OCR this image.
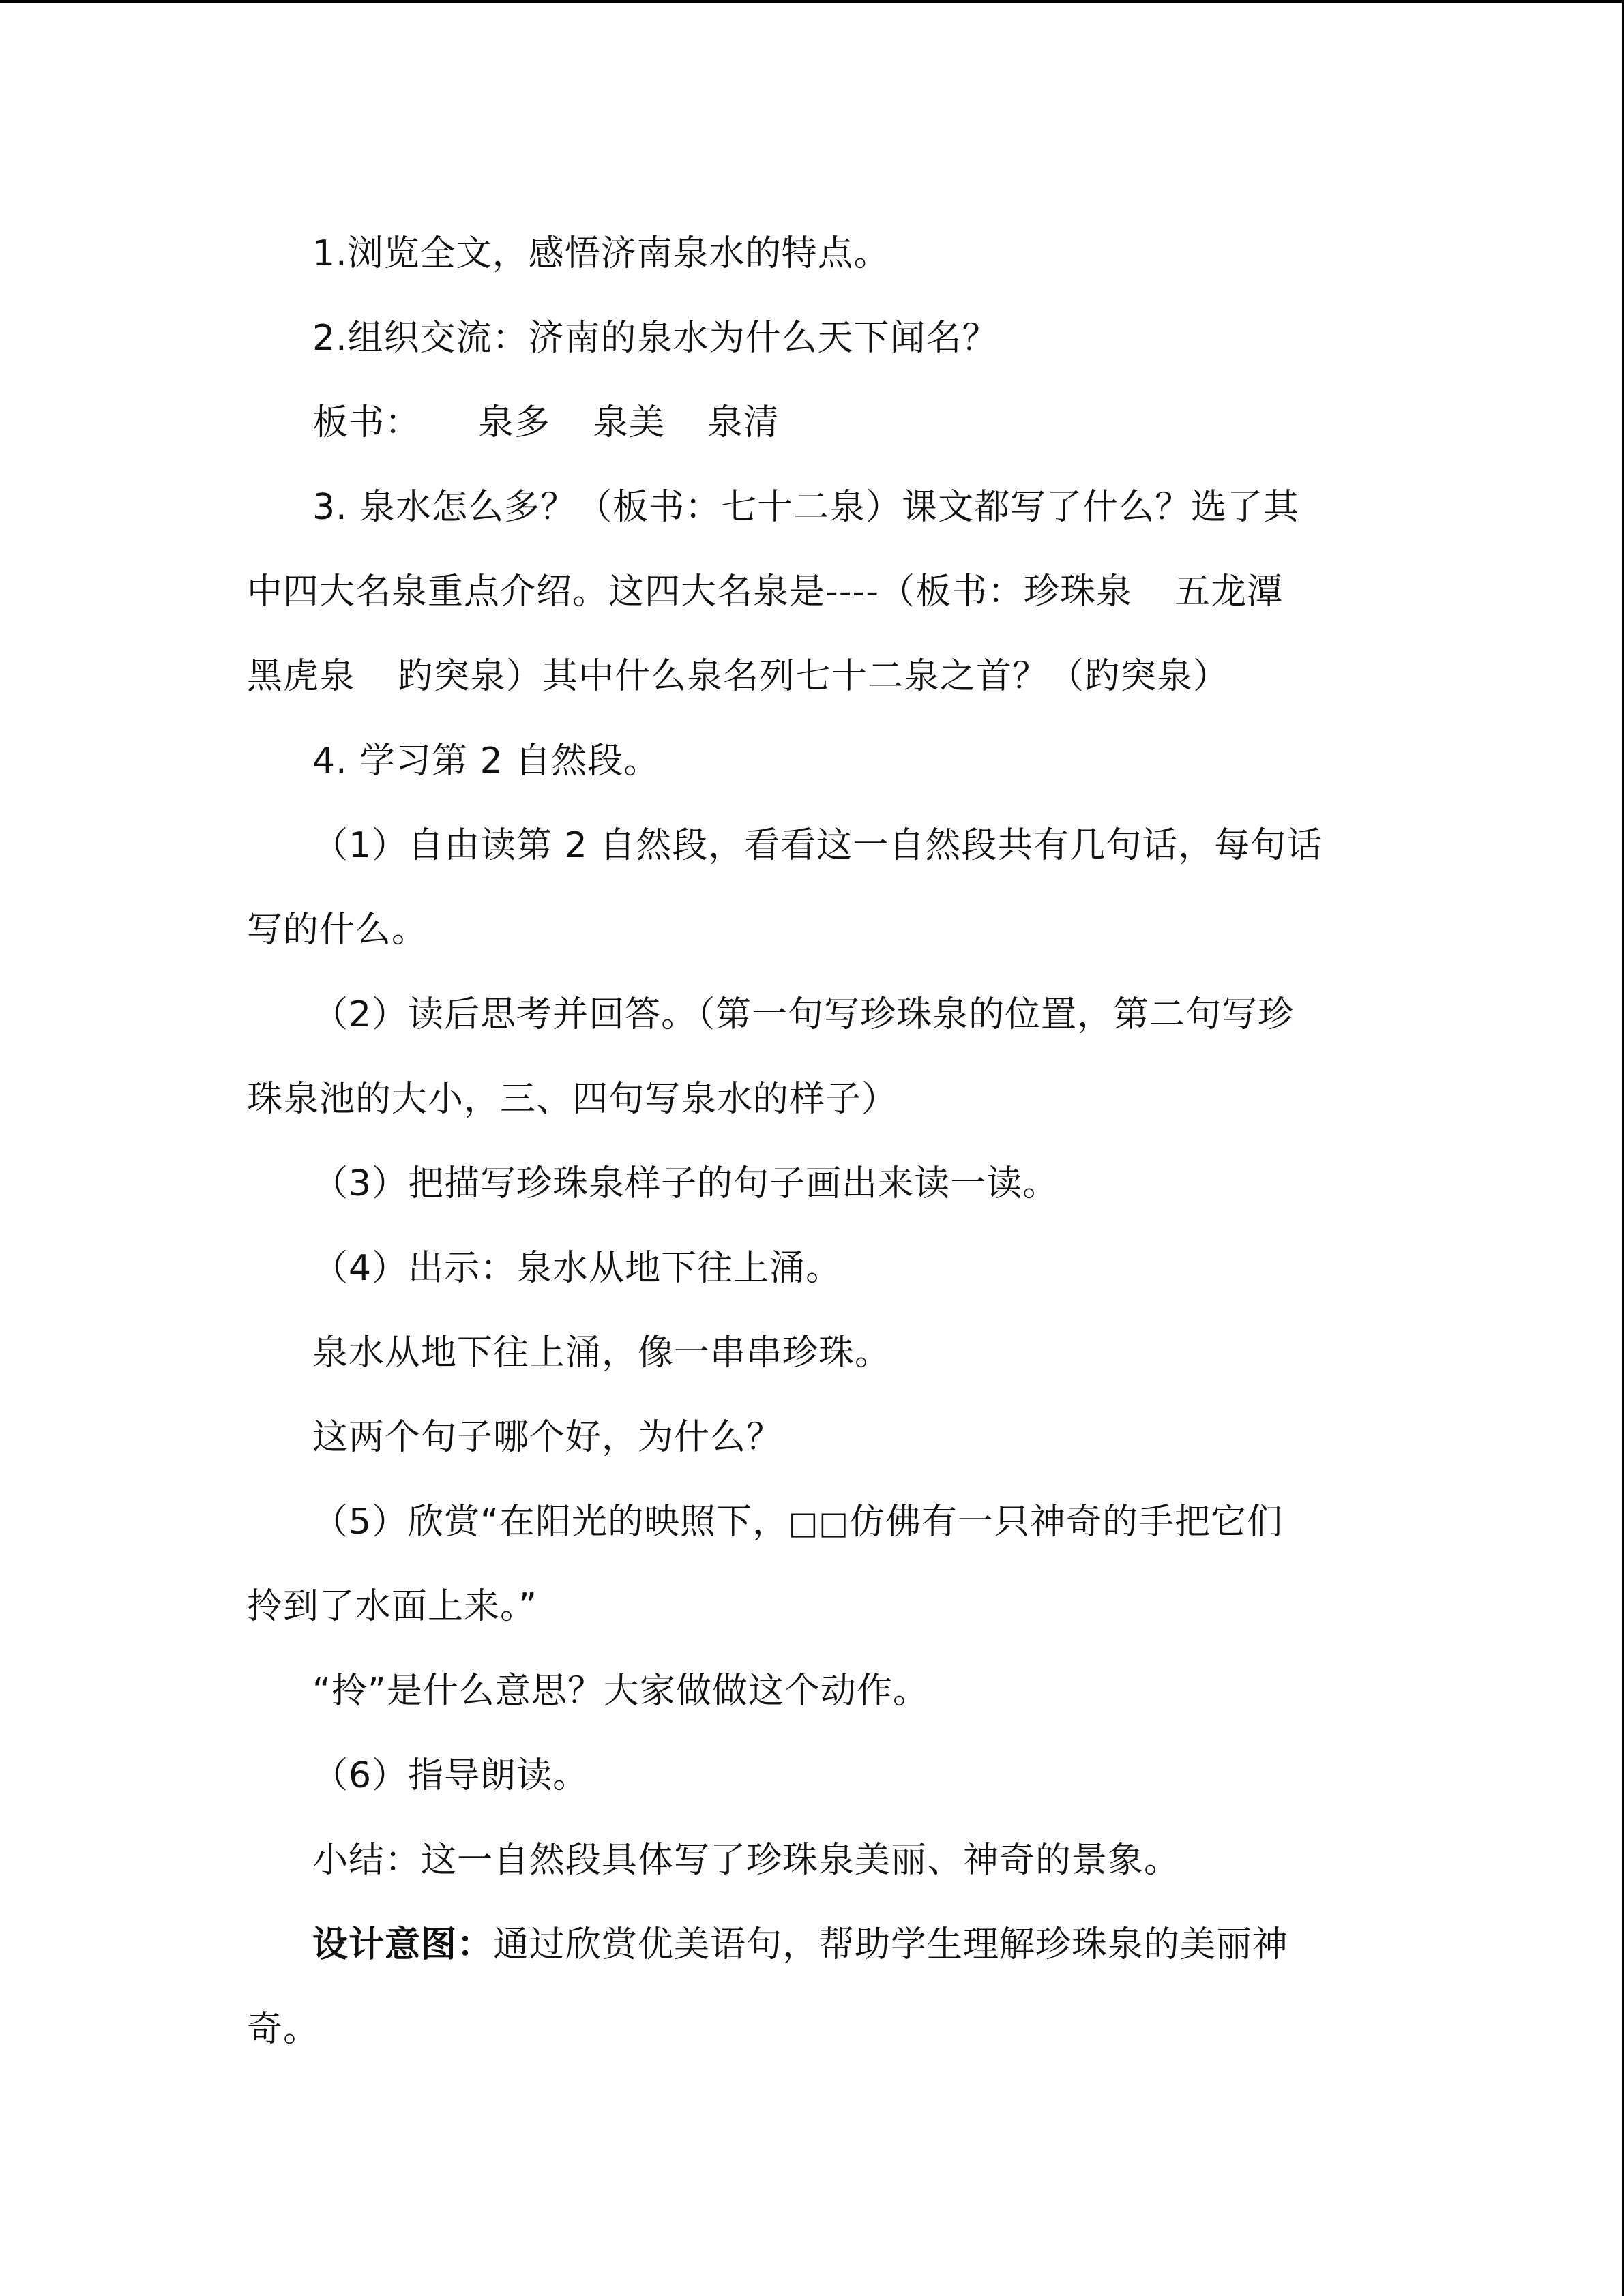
1.浏览全文，感悟济南泉水的特点。
2.组织交流：济南的泉水为什么天下闻名？
板书： 泉多 泉美 泉清
3. 泉水怎么多？（板书：七十二泉）课文都写了什么？选了其
中四大名泉重点介绍。这四大名泉是----（板书：珍珠泉 五龙潭
黑虎泉 趵突泉）其中什么泉名列七十二泉之首？（趵突泉）
4. 学习第 2 自然段。
（1）自由读第 2 自然段，看看这一自然段共有几句话，每句话
写的什么。
（2）读后思考并回答。（第一句写珍珠泉的位置，第二句写珍
珠泉池的大小，三、四句写泉水的样子）
（3）把描写珍珠泉样子的句子画出来读一读。
（4）出示：泉水从地下往上涌。
泉水从地下往上涌，像一串串珍珠。
这两个句子哪个好，为什么？
（5）欣赏“在阳光的映照下，□□仿佛有一只神奇的手把它们
拎到了水面上来。”
“拎”是什么意思？大家做做这个动作。
（6）指导朗读。
小结：这一自然段具体写了珍珠泉美丽、神奇的景象。
设计意图：通过欣赏优美语句，帮助学生理解珍珠泉的美丽神
奇。
